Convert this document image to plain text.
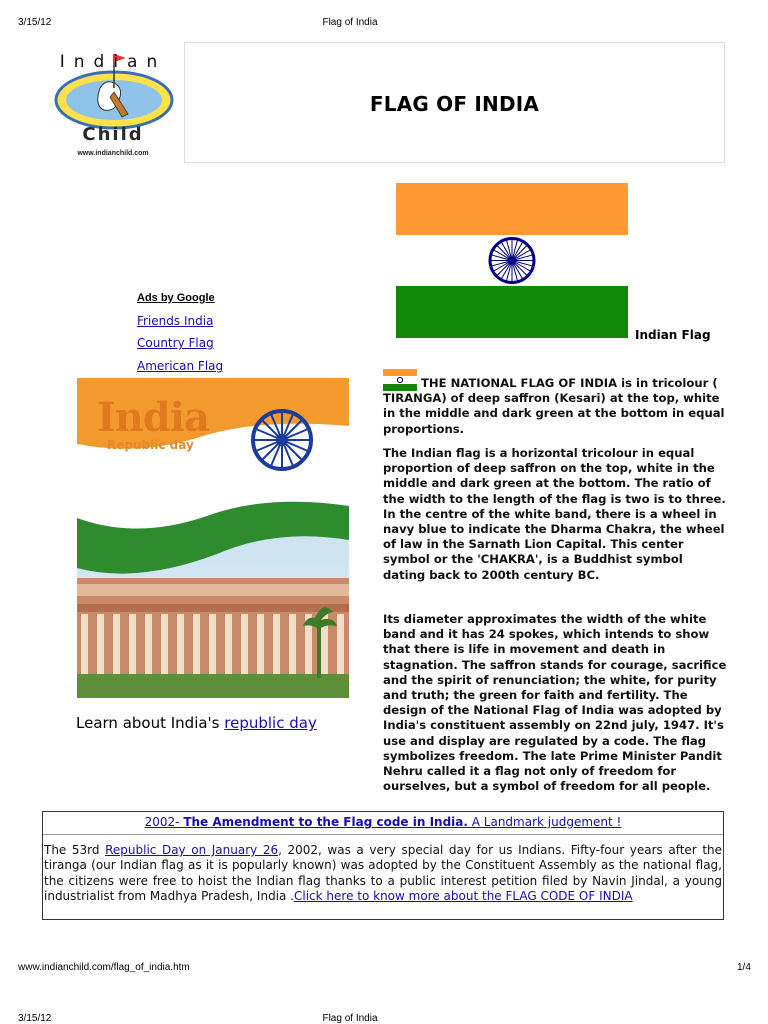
3/15/12	Flag of India
Indian
Child
www.indianchild.com
FLAG OF INDIA
Indian Flag
Ads by Google
Friends India
Country Flag
American Flag
India
Republic day
Learn about India's republic day
THE NATIONAL FLAG OF INDIA is in tricolour ( TIRANGA) of deep saffron (Kesari) at the top, white in the middle and dark green at the bottom in equal proportions.
The Indian flag is a horizontal tricolour in equal proportion of deep saffron on the top, white in the middle and dark green at the bottom. The ratio of the width to the length of the flag is two is to three. In the centre of the white band, there is a wheel in navy blue to indicate the Dharma Chakra, the wheel of law in the Sarnath Lion Capital. This center symbol or the 'CHAKRA', is a Buddhist symbol dating back to 200th century BC.
Its diameter approximates the width of the white band and it has 24 spokes, which intends to show that there is life in movement and death in stagnation. The saffron stands for courage, sacrifice and the spirit of renunciation; the white, for purity and truth; the green for faith and fertility. The design of the National Flag of India was adopted by India's constituent assembly on 22nd july, 1947. It's use and display are regulated by a code. The flag symbolizes freedom. The late Prime Minister Pandit Nehru called it a flag not only of freedom for ourselves, but a symbol of freedom for all people.
2002- The Amendment to the Flag code in India. A Landmark judgement !
The 53rd Republic Day on January 26, 2002, was a very special day for us Indians. Fifty-four years after the tiranga (our Indian flag as it is popularly known) was adopted by the Constituent Assembly as the national flag, the citizens were free to hoist the Indian flag thanks to a public interest petition filed by Navin Jindal, a young industrialist from Madhya Pradesh, India .Click here to know more about the FLAG CODE OF INDIA
www.indianchild.com/flag_of_india.htm	1/4
3/15/12	Flag of India
